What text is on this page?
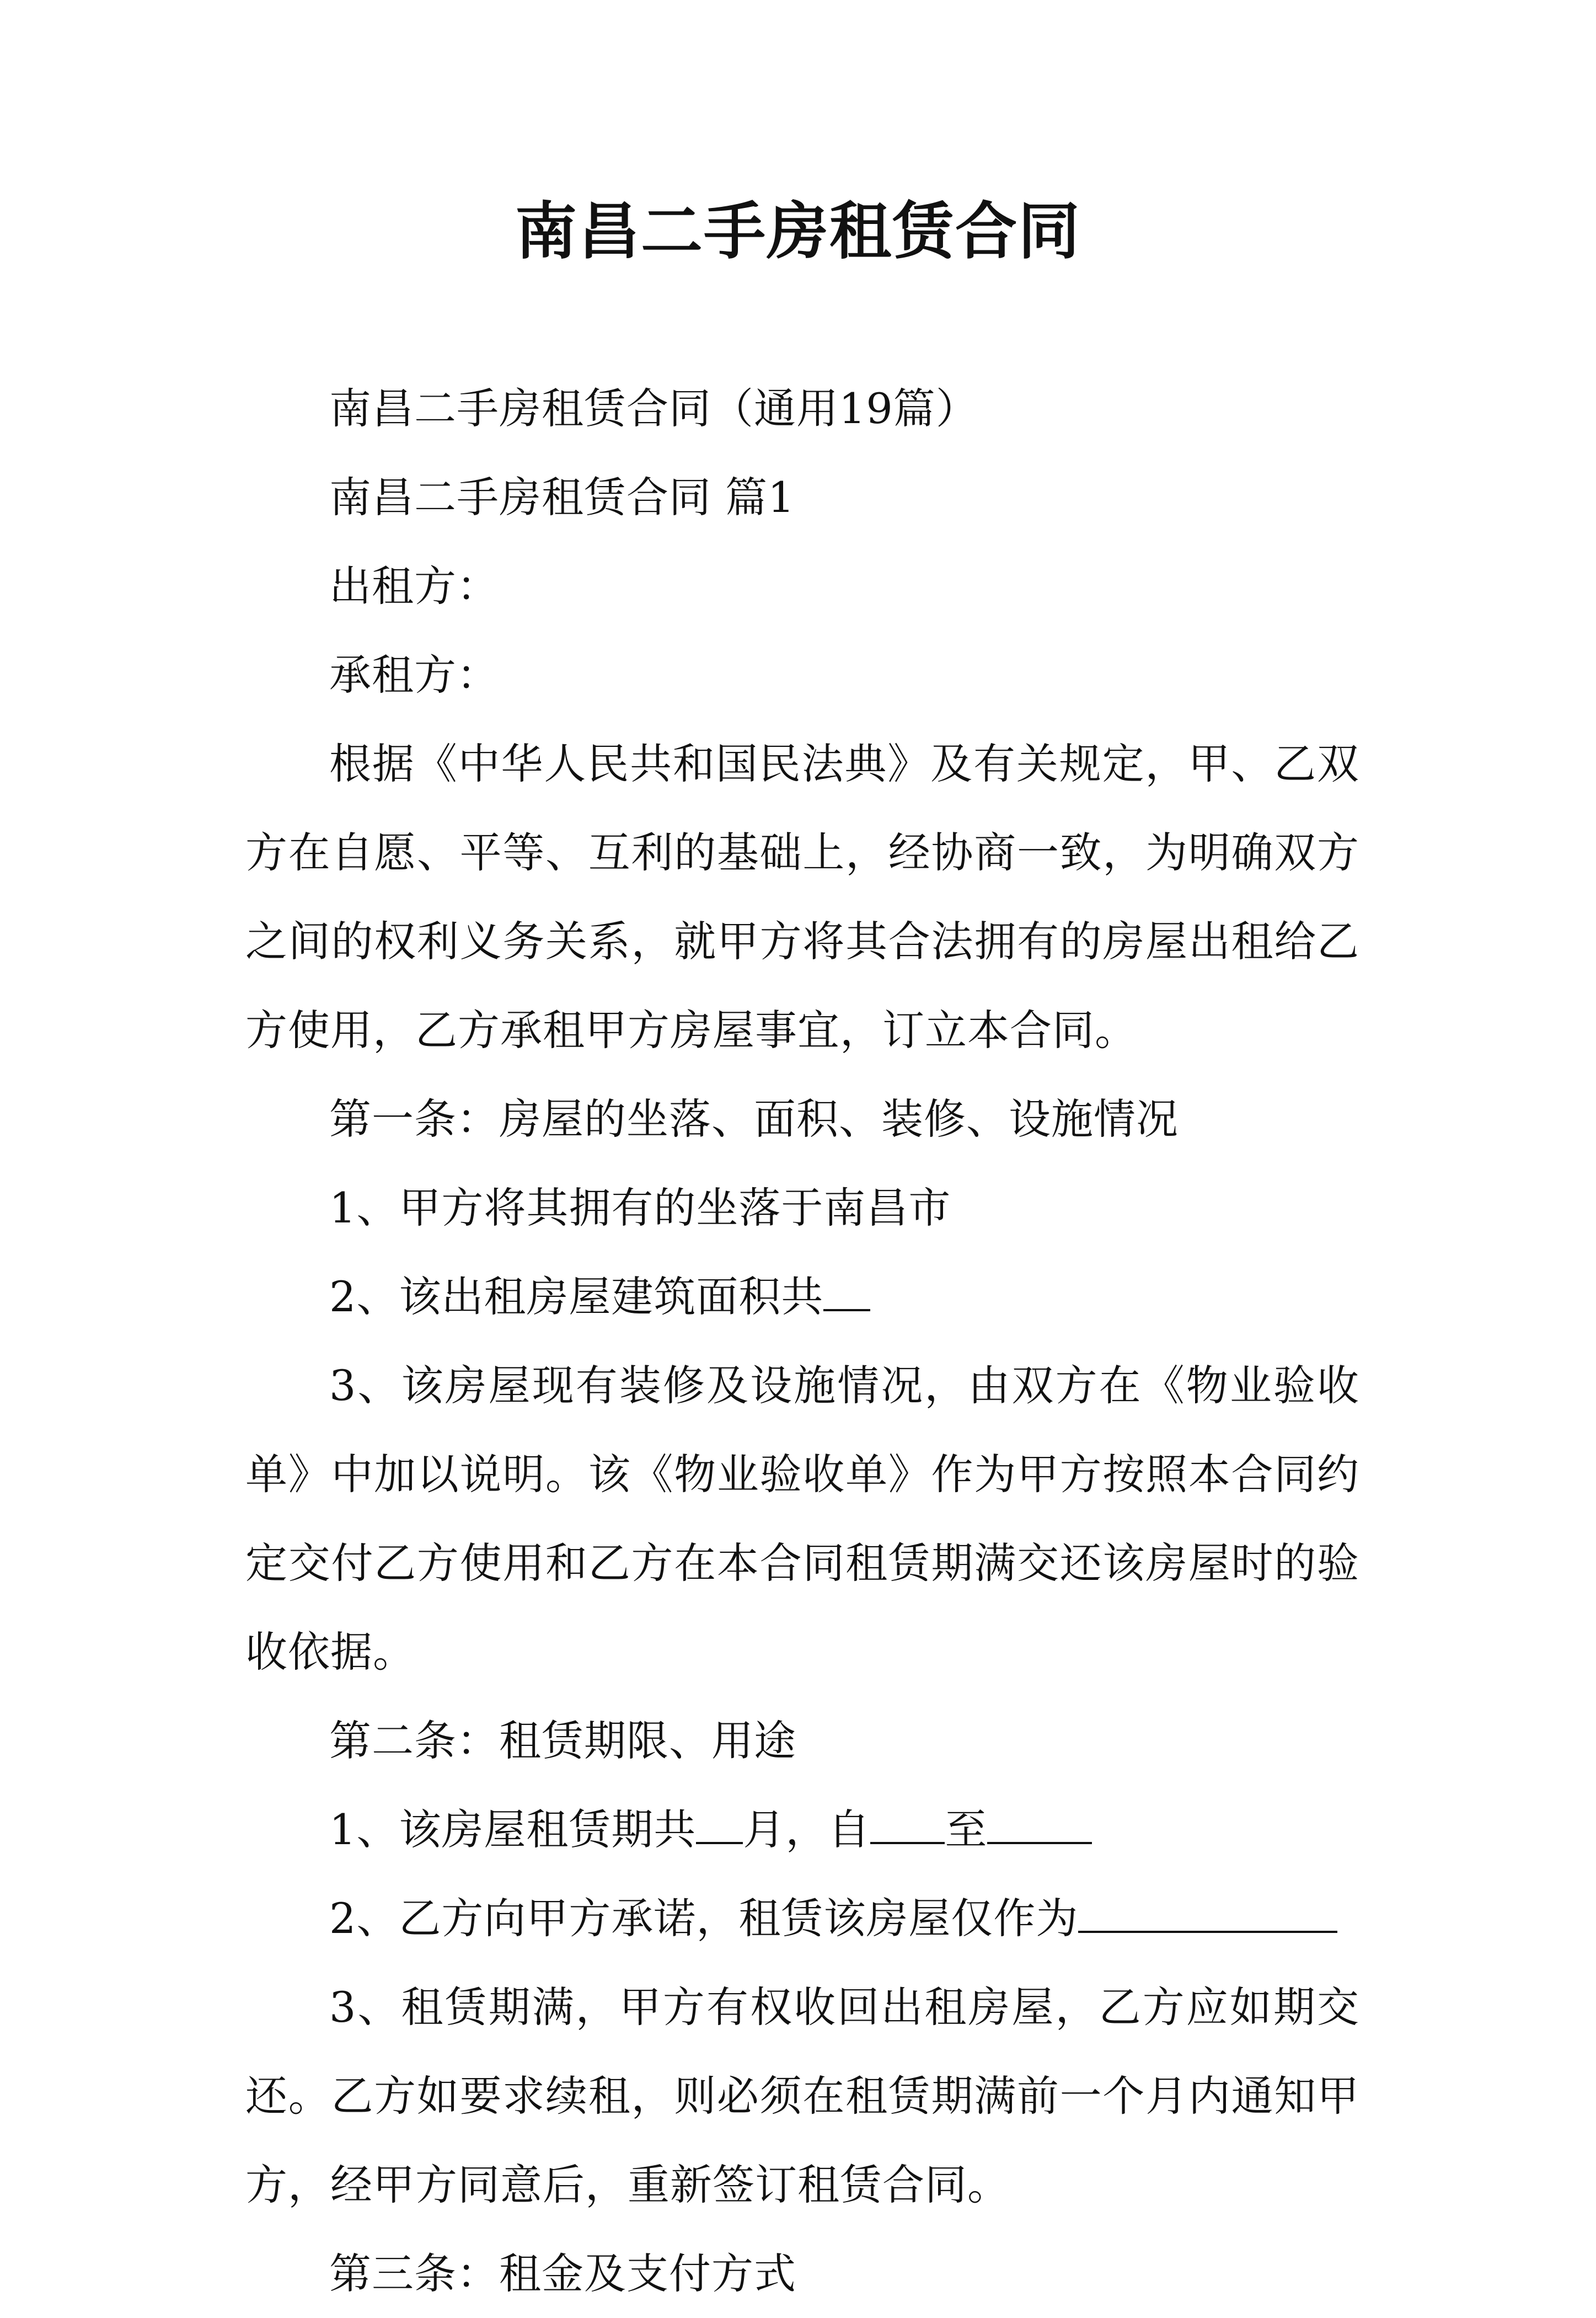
南昌二手房租赁合同

南昌二手房租赁合同（通用19篇）

南昌二手房租赁合同 篇1

出租方：

承租方：

根据《中华人民共和国民法典》及有关规定，甲、乙双方在自愿、平等、互利的基础上，经协商一致，为明确双方之间的权利义务关系，就甲方将其合法拥有的房屋出租给乙方使用，乙方承租甲方房屋事宜，订立本合同。

第一条：房屋的坐落、面积、装修、设施情况

1、甲方将其拥有的坐落于南昌市

2、该出租房屋建筑面积共

3、该房屋现有装修及设施情况，由双方在《物业验收单》中加以说明。该《物业验收单》作为甲方按照本合同约定交付乙方使用和乙方在本合同租赁期满交还该房屋时的验收依据。

第二条：租赁期限、用途

1、该房屋租赁期共 月，自 至

2、乙方向甲方承诺，租赁该房屋仅作为

3、租赁期满，甲方有权收回出租房屋，乙方应如期交还。乙方如要求续租，则必须在租赁期满前一个月内通知甲方，经甲方同意后，重新签订租赁合同。

第三条：租金及支付方式
